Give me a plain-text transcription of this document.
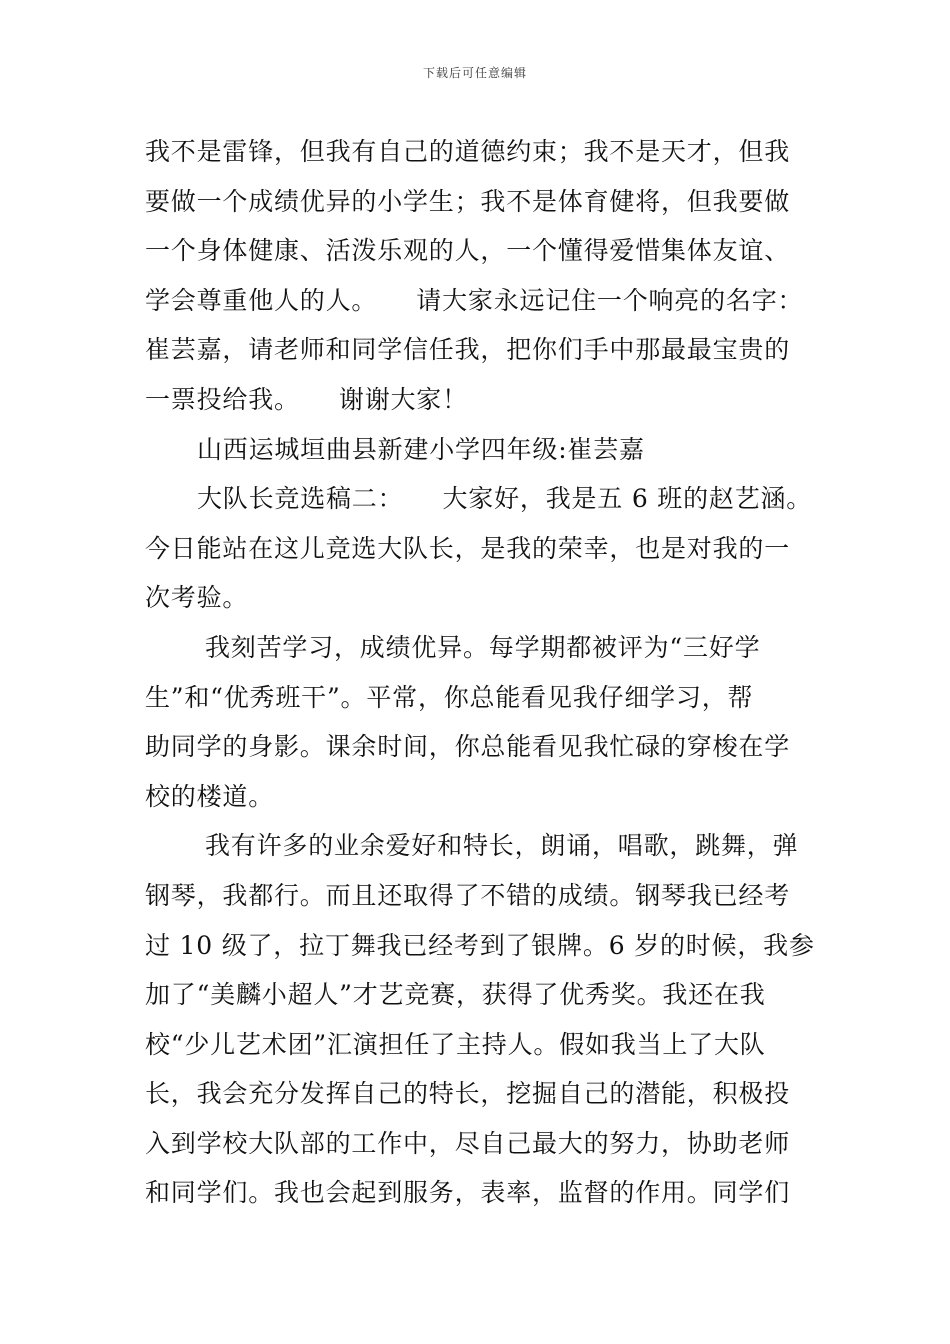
下载后可任意编辑

我不是雷锋，但我有自己的道德约束；我不是天才，但我

要做一个成绩优异的小学生；我不是体育健将，但我要做

一个身体健康、活泼乐观的人，一个懂得爱惜集体友谊、

学会尊重他人的人。　　请大家永远记住一个响亮的名字：

崔芸嘉，请老师和同学信任我，把你们手中那最最宝贵的

一票投给我。　　谢谢大家！

山西运城垣曲县新建小学四年级:崔芸嘉

大队长竞选稿二：　　大家好，我是五 6 班的赵艺涵。

今日能站在这儿竞选大队长，是我的荣幸，也是对我的一

次考验。

我刻苦学习，成绩优异。每学期都被评为“三好学

生”和“优秀班干”。平常，你总能看见我仔细学习，帮

助同学的身影。课余时间，你总能看见我忙碌的穿梭在学

校的楼道。

我有许多的业余爱好和特长，朗诵，唱歌，跳舞，弹

钢琴，我都行。而且还取得了不错的成绩。钢琴我已经考

过 10 级了，拉丁舞我已经考到了银牌。6 岁的时候，我参

加了“美麟小超人”才艺竞赛，获得了优秀奖。我还在我

校“少儿艺术团”汇演担任了主持人。假如我当上了大队

长，我会充分发挥自己的特长，挖掘自己的潜能，积极投

入到学校大队部的工作中，尽自己最大的努力，协助老师

和同学们。我也会起到服务，表率，监督的作用。同学们
